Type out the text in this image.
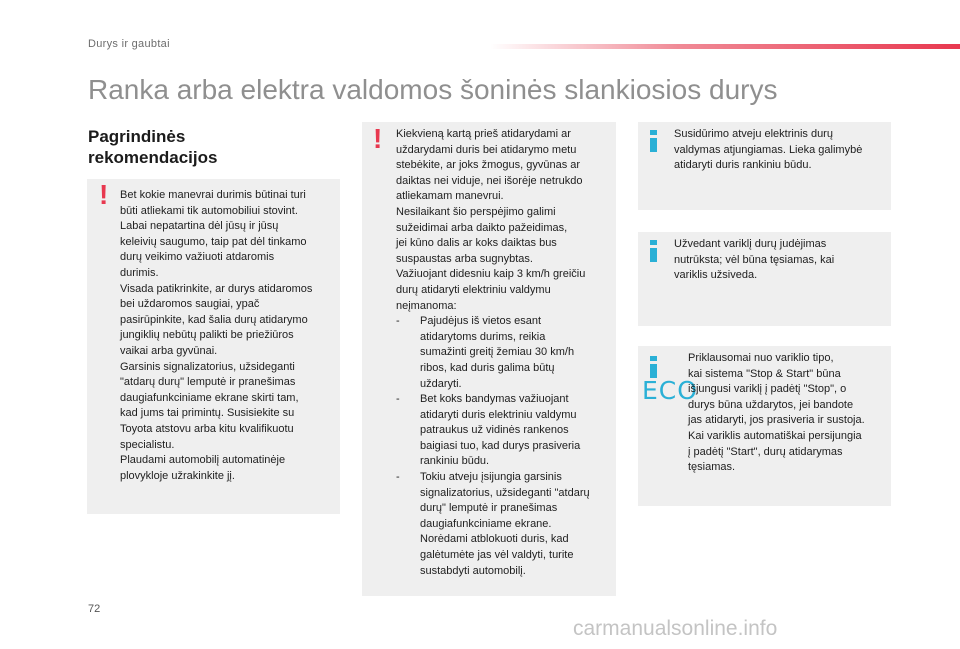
Durys ir gaubtai
Ranka arba elektra valdomos šoninės slankiosios durys
Pagrindinės
rekomendacijos
! Bet kokie manevrai durimis būtinai turi
būti atliekami tik automobiliui stovint.
Labai nepatartina dėl jūsų ir jūsų
keleivių saugumo, taip pat dėl tinkamo
durų veikimo važiuoti atdaromis
durimis.
Visada patikrinkite, ar durys atidaromos
bei uždaromos saugiai, ypač
pasirūpinkite, kad šalia durų atidarymo
jungiklių nebūtų palikti be priežiūros
vaikai arba gyvūnai.
Garsinis signalizatorius, užsideganti
"atdarų durų" lemputė ir pranešimas
daugiafunkciniame ekrane skirti tam,
kad jums tai primintų. Susisiekite su
Toyota atstovu arba kitu kvalifikuotu
specialistu.
Plaudami automobilį automatinėje
plovykloje užrakinkite jį.
! Kiekvieną kartą prieš atidarydami ar
uždarydami duris bei atidarymo metu
stebėkite, ar joks žmogus, gyvūnas ar
daiktas nei viduje, nei išorėje netrukdo
atliekamam manevrui.
Nesilaikant šio perspėjimo galimi
sužeidimai arba daikto pažeidimas,
jei kūno dalis ar koks daiktas bus
suspaustas arba sugnybtas.
Važiuojant didesniu kaip 3 km/h greičiu
durų atidaryti elektriniu valdymu
neįmanoma:
- Pajudėjus iš vietos esant
atidarytoms durims, reikia
sumažinti greitį žemiau 30 km/h
ribos, kad duris galima būtų
uždaryti.
- Bet koks bandymas važiuojant
atidaryti duris elektriniu valdymu
patraukus už vidinės rankenos
baigiasi tuo, kad durys prasiveria
rankiniu būdu.
- Tokiu atveju įsijungia garsinis
signalizatorius, užsideganti "atdarų
durų" lemputė ir pranešimas
daugiafunkciniame ekrane.
Norėdami atblokuoti duris, kad
galėtumėte jas vėl valdyti, turite
sustabdyti automobilį.
Susidūrimo atveju elektrinis durų
valdymas atjungiamas. Lieka galimybė
atidaryti duris rankiniu būdu.
Užvedant variklį durų judėjimas
nutrūksta; vėl būna tęsiamas, kai
variklis užsiveda.
ECO
Priklausomai nuo variklio tipo,
kai sistema "Stop & Start" būna
išjungusi variklį į padėtį "Stop", o
durys būna uždarytos, jei bandote
jas atidaryti, jos prasiveria ir sustoja.
Kai variklis automatiškai persijungia
į padėtį "Start", durų atidarymas
tęsiamas.
72
carmanualsonline.info
